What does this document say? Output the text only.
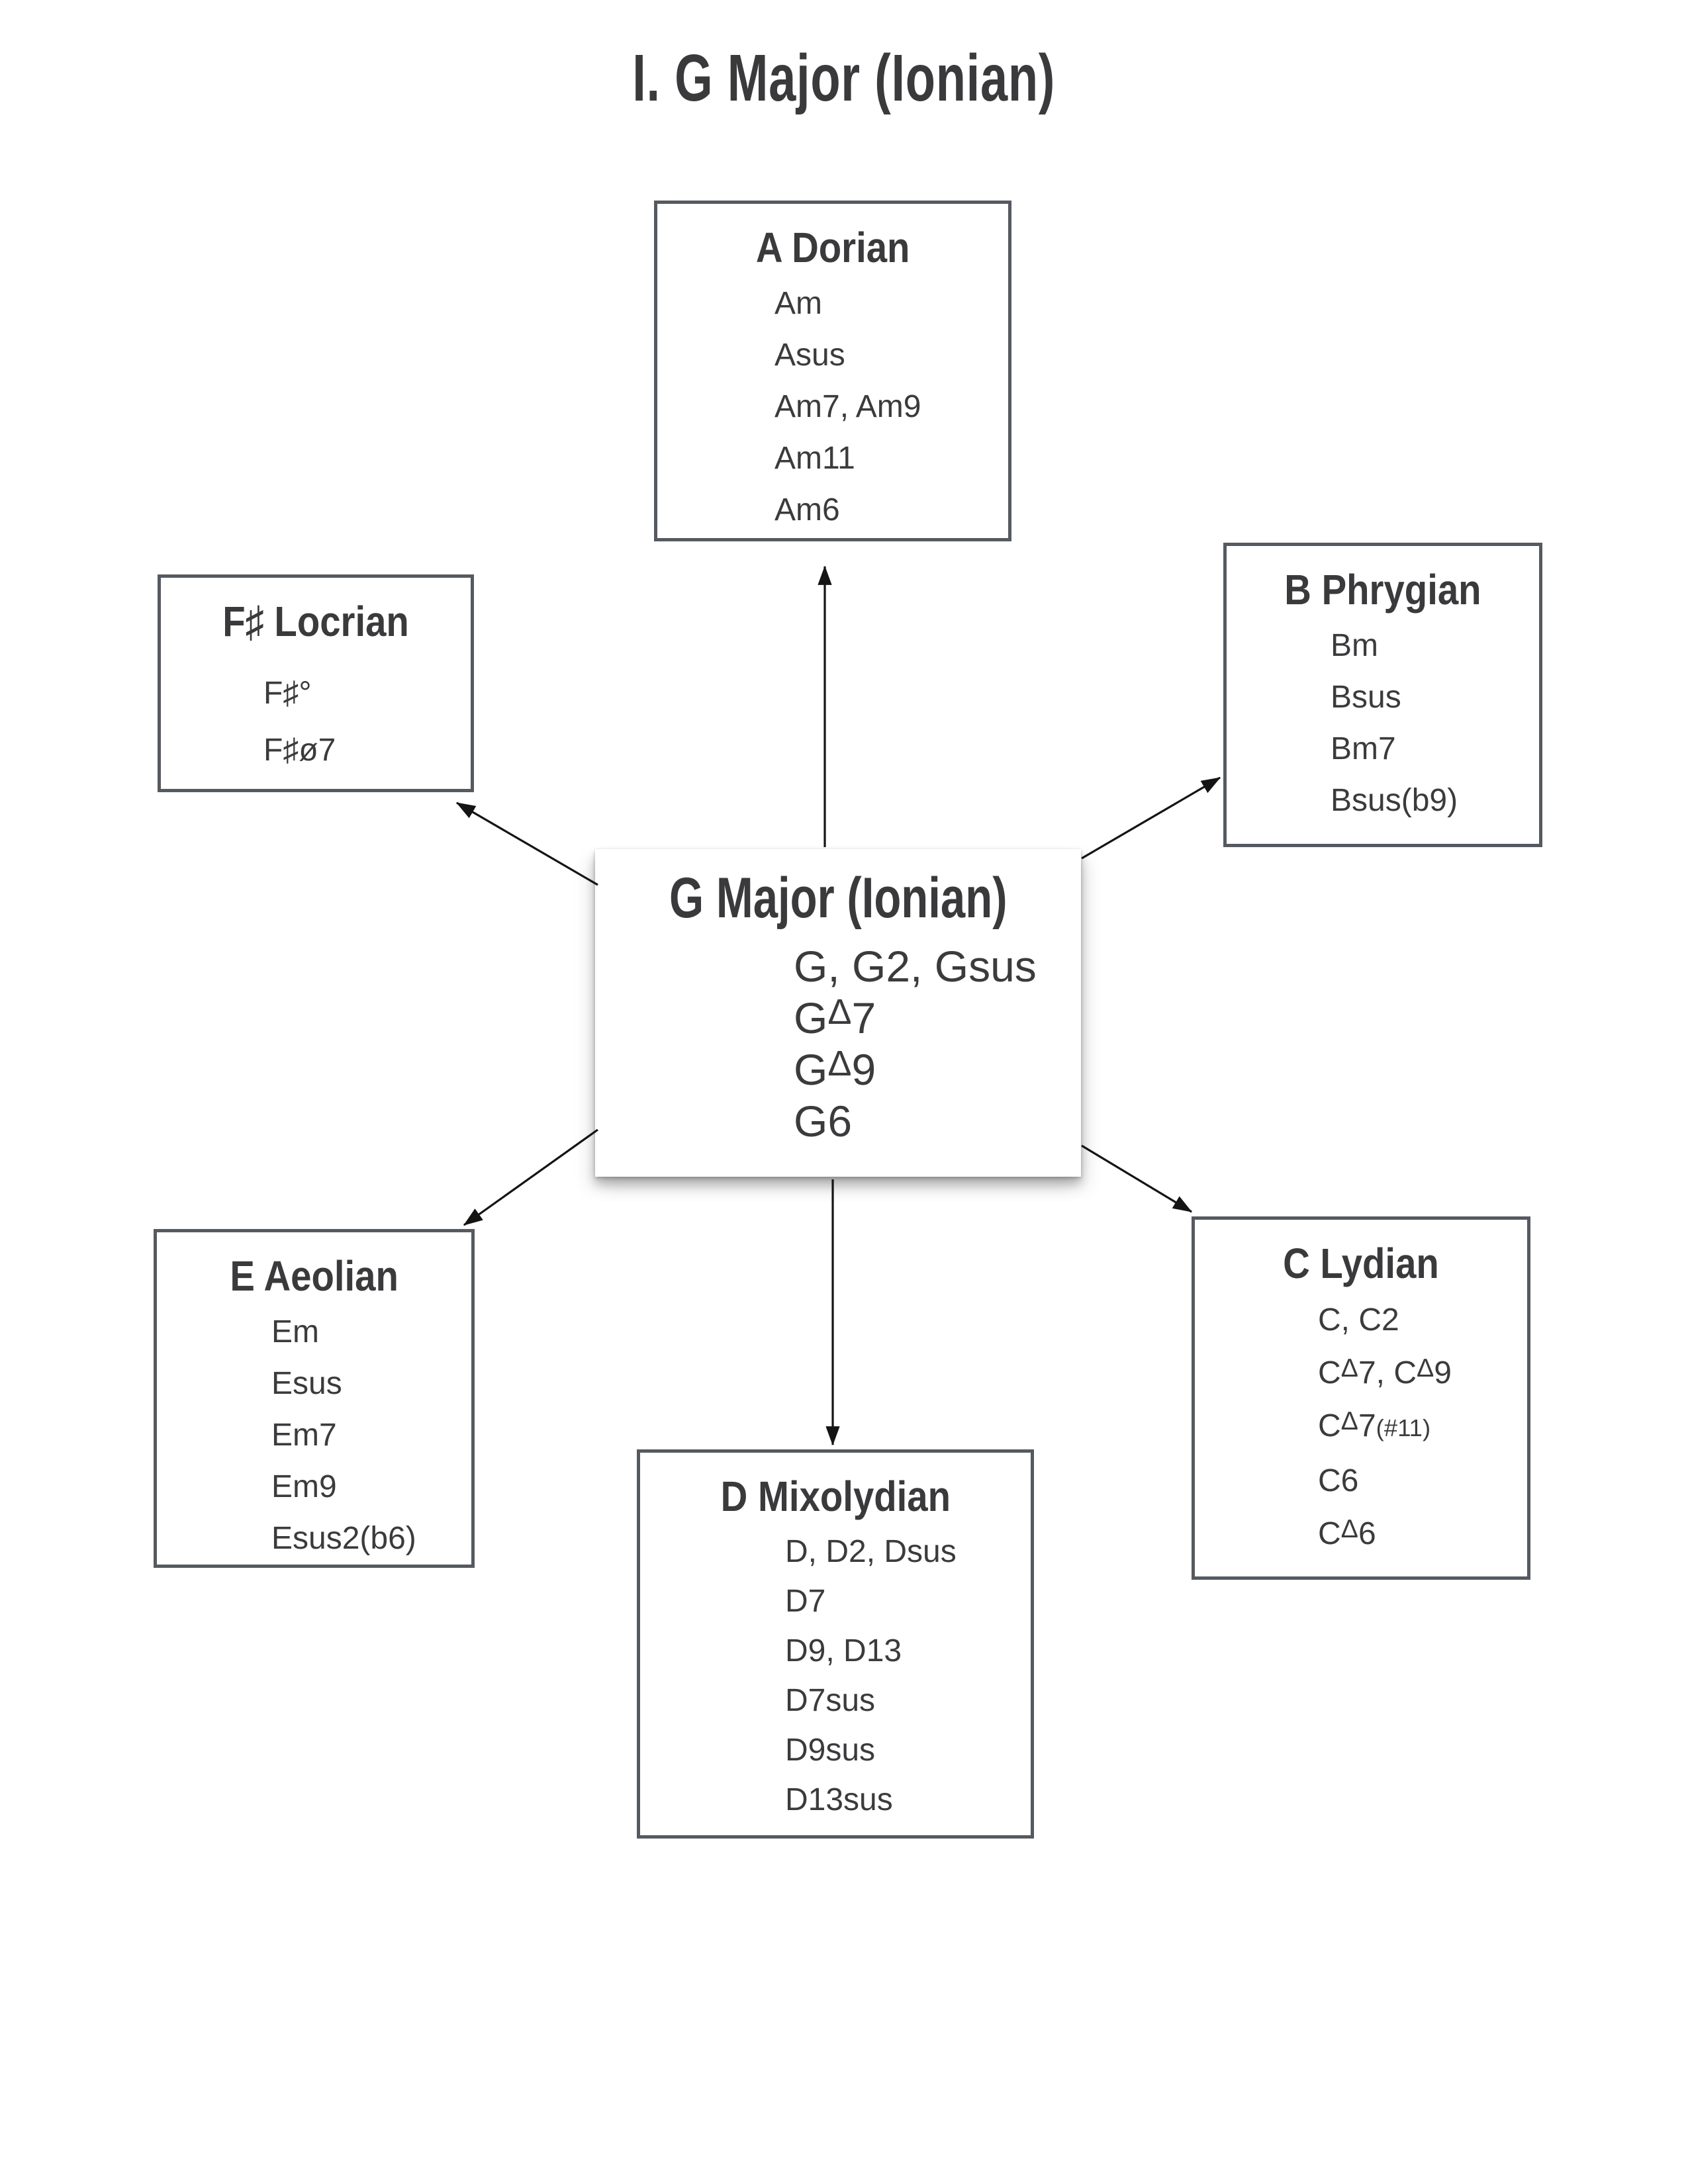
I. G Major (Ionian)
A Dorian
Am
Asus
Am7, Am9
Am11
Am6
F♯ Locrian
F♯°
F♯ø7
B Phrygian
Bm
Bsus
Bm7
Bsus(b9)
G Major (Ionian)
G, G2, Gsus
$G^\Delta 7$
$G^\Delta 9$
G6
E Aeolian
Em
Esus
Em7
Em9
Esus2(b6)
D Mixolydian
D, D2, Dsus
D7
D9, D13
D7sus
D9sus
D13sus
C Lydian
C, C2
$C^\Delta 7$, $C^\Delta 9$
$C^\Delta 7(\#11)$
C6
$C^\Delta 6$
